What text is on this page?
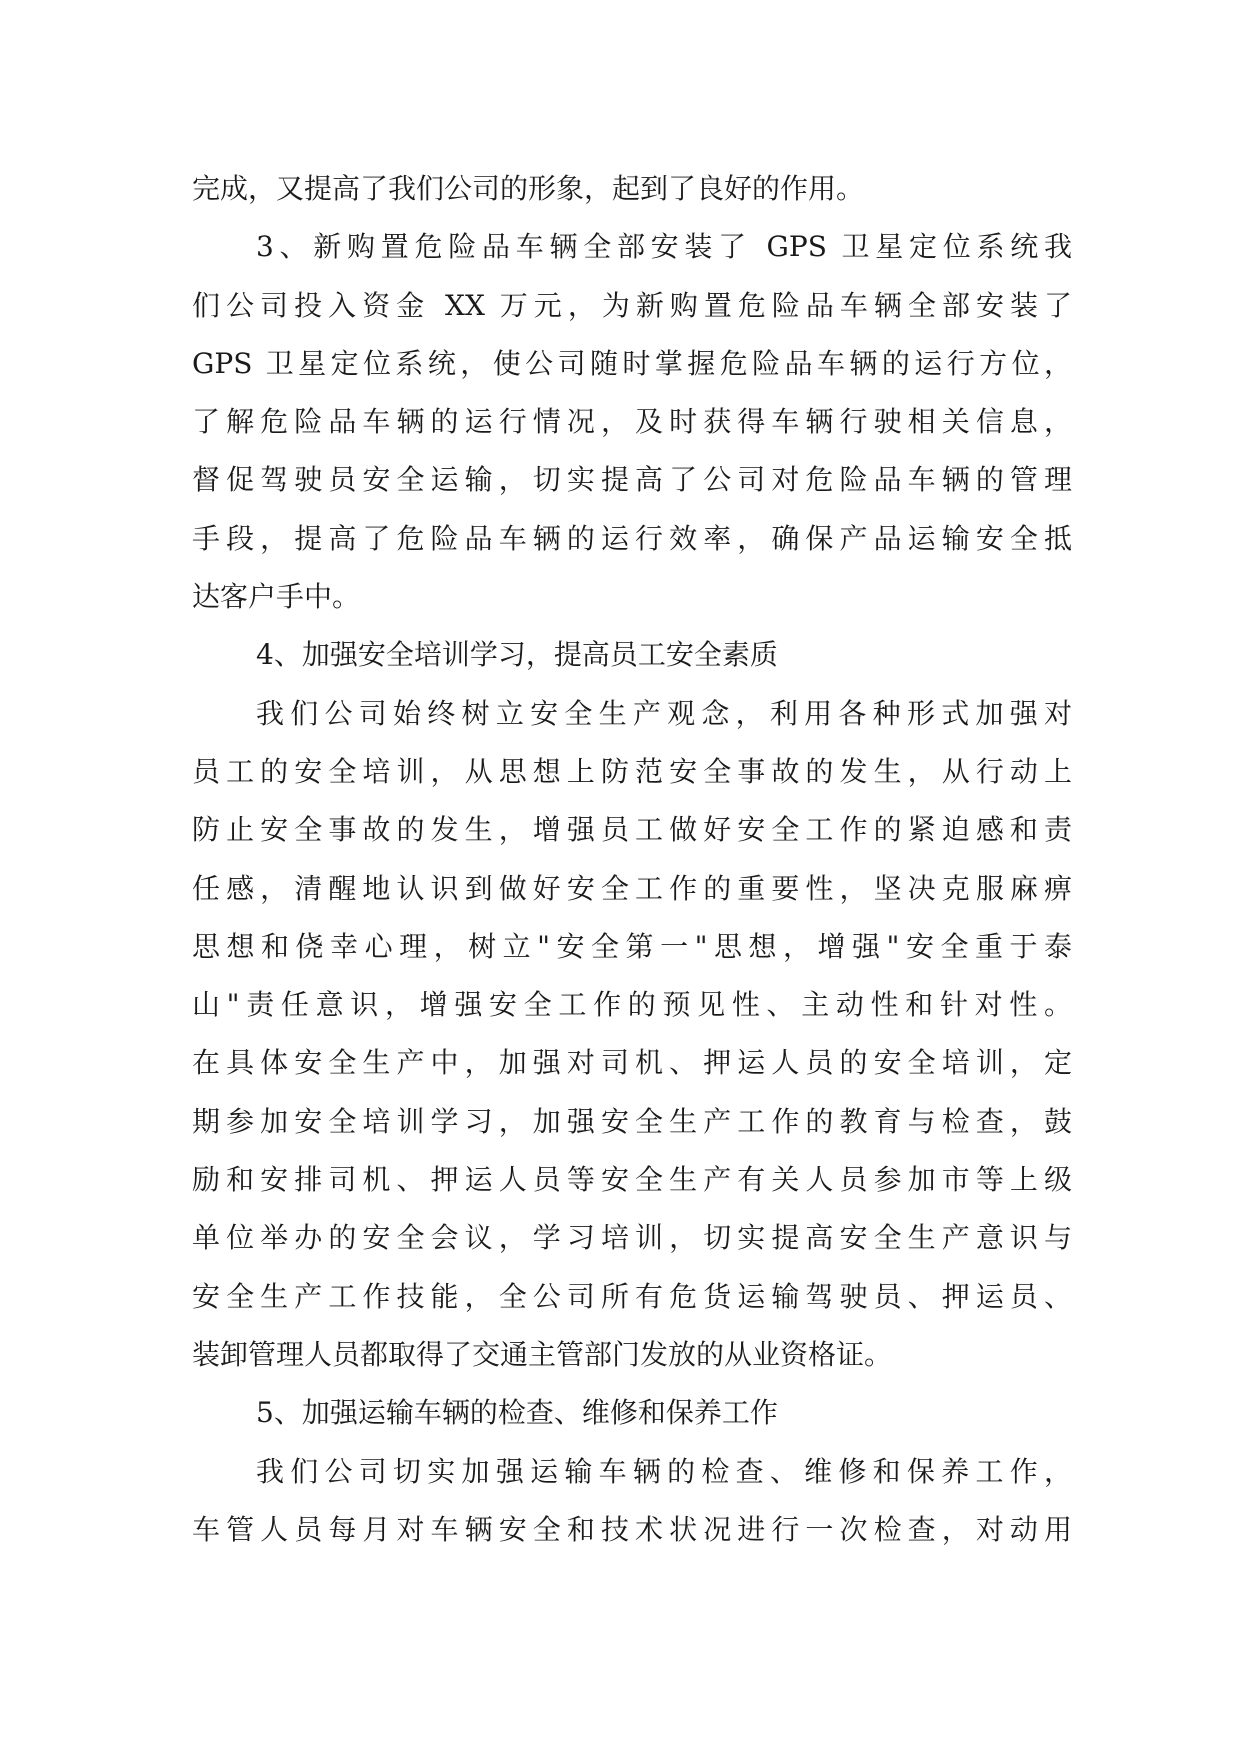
完成，又提高了我们公司的形象，起到了良好的作用。
3、新购置危险品车辆全部安装了 GPS 卫星定位系统我
们公司投入资金 XX 万元，为新购置危险品车辆全部安装了
GPS 卫星定位系统，使公司随时掌握危险品车辆的运行方位，
了解危险品车辆的运行情况，及时获得车辆行驶相关信息，
督促驾驶员安全运输，切实提高了公司对危险品车辆的管理
手段，提高了危险品车辆的运行效率，确保产品运输安全抵
达客户手中。
4、加强安全培训学习，提高员工安全素质
我们公司始终树立安全生产观念，利用各种形式加强对
员工的安全培训，从思想上防范安全事故的发生，从行动上
防止安全事故的发生，增强员工做好安全工作的紧迫感和责
任感，清醒地认识到做好安全工作的重要性，坚决克服麻痹
思想和侥幸心理，树立"安全第一"思想，增强"安全重于泰
山"责任意识，增强安全工作的预见性、主动性和针对性。
在具体安全生产中，加强对司机、押运人员的安全培训，定
期参加安全培训学习，加强安全生产工作的教育与检查，鼓
励和安排司机、押运人员等安全生产有关人员参加市等上级
单位举办的安全会议，学习培训，切实提高安全生产意识与
安全生产工作技能，全公司所有危货运输驾驶员、押运员、
装卸管理人员都取得了交通主管部门发放的从业资格证。
5、加强运输车辆的检查、维修和保养工作
我们公司切实加强运输车辆的检查、维修和保养工作，
车管人员每月对车辆安全和技术状况进行一次检查，对动用
